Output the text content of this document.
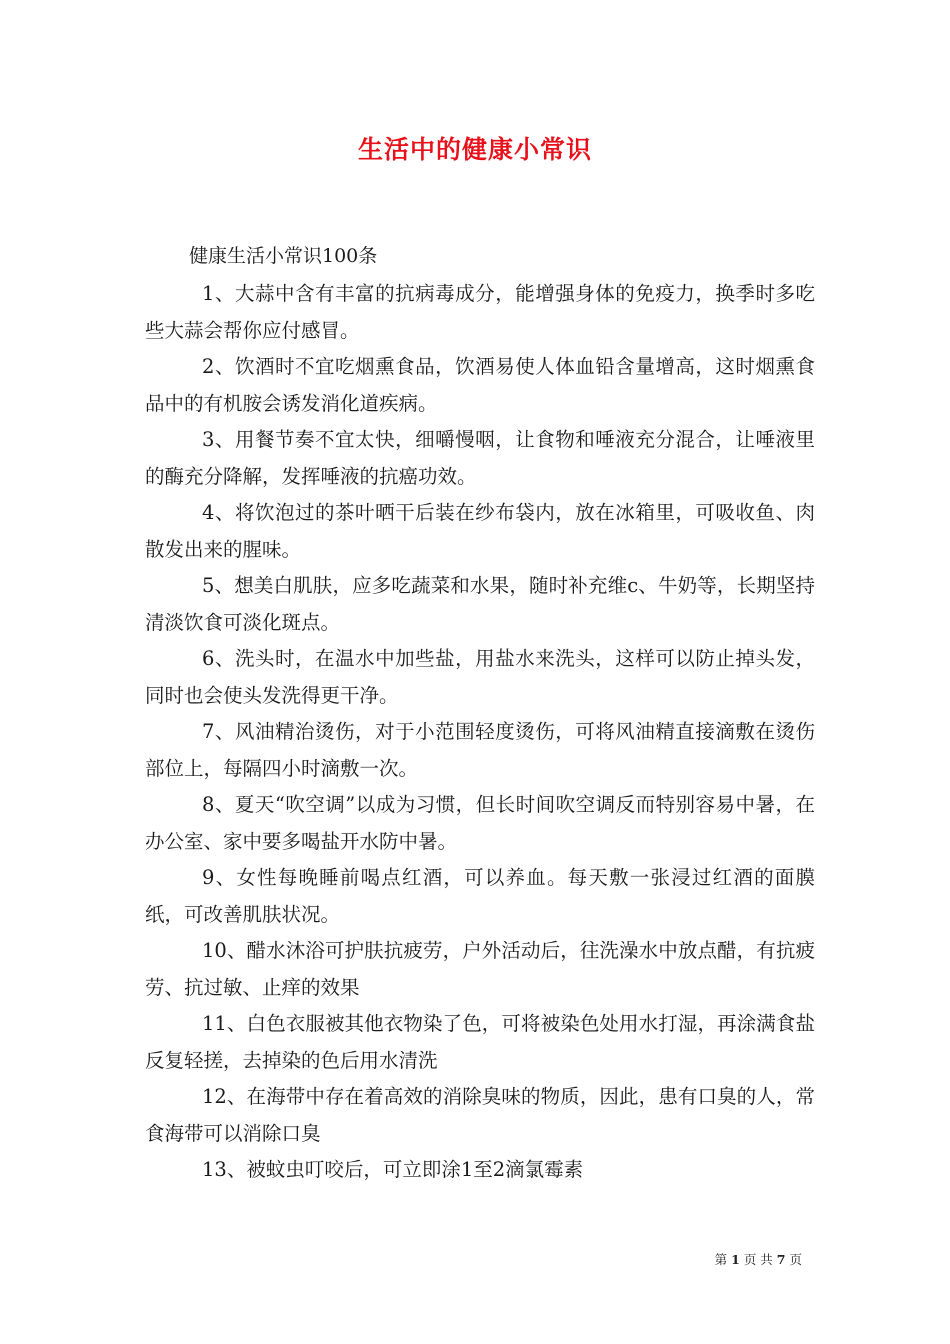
生活中的健康小常识
健康生活小常识100条
1、大蒜中含有丰富的抗病毒成分，能增强身体的免疫力，换季时多吃些大蒜会帮你应付感冒。
2、饮酒时不宜吃烟熏食品，饮酒易使人体血铅含量增高，这时烟熏食品中的有机胺会诱发消化道疾病。
3、用餐节奏不宜太快，细嚼慢咽，让食物和唾液充分混合，让唾液里的酶充分降解，发挥唾液的抗癌功效。
4、将饮泡过的茶叶晒干后装在纱布袋内，放在冰箱里，可吸收鱼、肉散发出来的腥味。
5、想美白肌肤，应多吃蔬菜和水果，随时补充维c、牛奶等，长期坚持清淡饮食可淡化斑点。
6、洗头时，在温水中加些盐，用盐水来洗头，这样可以防止掉头发，同时也会使头发洗得更干净。
7、风油精治烫伤，对于小范围轻度烫伤，可将风油精直接滴敷在烫伤部位上，每隔四小时滴敷一次。
8、夏天“吹空调”以成为习惯，但长时间吹空调反而特别容易中暑，在办公室、家中要多喝盐开水防中暑。
9、女性每晚睡前喝点红酒，可以养血。每天敷一张浸过红酒的面膜纸，可改善肌肤状况。
10、醋水沐浴可护肤抗疲劳，户外活动后，往洗澡水中放点醋，有抗疲劳、抗过敏、止痒的效果
11、白色衣服被其他衣物染了色，可将被染色处用水打湿，再涂满食盐反复轻搓，去掉染的色后用水清洗
12、在海带中存在着高效的消除臭味的物质，因此，患有口臭的人，常食海带可以消除口臭
13、被蚊虫叮咬后，可立即涂1至2滴氯霉素
第 1 页 共 7 页
